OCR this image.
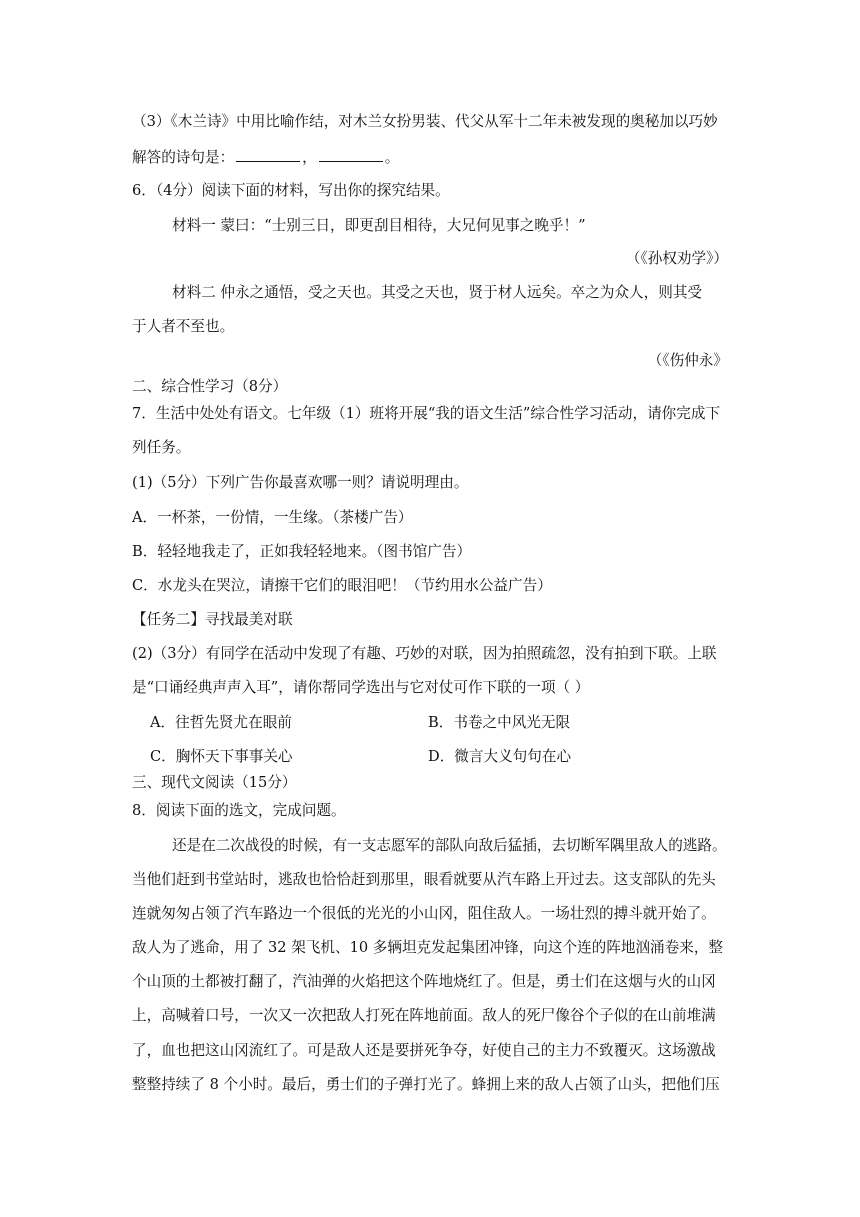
（3）《木兰诗》中用比喻作结，对木兰女扮男装、代父从军十二年未被发现的奥秘加以巧妙
解答的诗句是：	，	。
6．（4分）阅读下面的材料，写出你的探究结果。
材料一 蒙曰：“士别三日，即更刮目相待，大兄何见事之晚乎！”
（《孙权劝学》）
材料二 仲永之通悟，受之天也。其受之天也，贤于材人远矣。卒之为众人，则其受
于人者不至也。
（《伤仲永》
二、综合性学习（8分）
7．生活中处处有语文。七年级（1）班将开展“我的语文生活”综合性学习活动，请你完成下
列任务。
(1)（5分）下列广告你最喜欢哪一则？请说明理由。
A．一杯茶，一份情，一生缘。（茶楼广告）
B．轻轻地我走了，正如我轻轻地来。（图书馆广告）
C．水龙头在哭泣，请擦干它们的眼泪吧！（节约用水公益广告）
【任务二】寻找最美对联
(2)（3分）有同学在活动中发现了有趣、巧妙的对联，因为拍照疏忽，没有拍到下联。上联
是“口诵经典声声入耳”，请你帮同学选出与它对仗可作下联的一项（ ）
A．往哲先贤尤在眼前	B．书卷之中风光无限
C．胸怀天下事事关心	D．微言大义句句在心
三、现代文阅读（15分）
8．阅读下面的选文，完成问题。
还是在二次战役的时候，有一支志愿军的部队向敌后猛插，去切断军隅里敌人的逃路。
当他们赶到书堂站时，逃敌也恰恰赶到那里，眼看就要从汽车路上开过去。这支部队的先头
连就匆匆占领了汽车路边一个很低的光光的小山冈，阻住敌人。一场壮烈的搏斗就开始了。
敌人为了逃命，用了 32 架飞机、10 多辆坦克发起集团冲锋，向这个连的阵地汹涌卷来，整
个山顶的土都被打翻了，汽油弹的火焰把这个阵地烧红了。但是，勇士们在这烟与火的山冈
上，高喊着口号，一次又一次把敌人打死在阵地前面。敌人的死尸像谷个子似的在山前堆满
了，血也把这山冈流红了。可是敌人还是要拼死争夺，好使自己的主力不致覆灭。这场激战
整整持续了 8 个小时。最后，勇士们的子弹打光了。蜂拥上来的敌人占领了山头，把他们压
